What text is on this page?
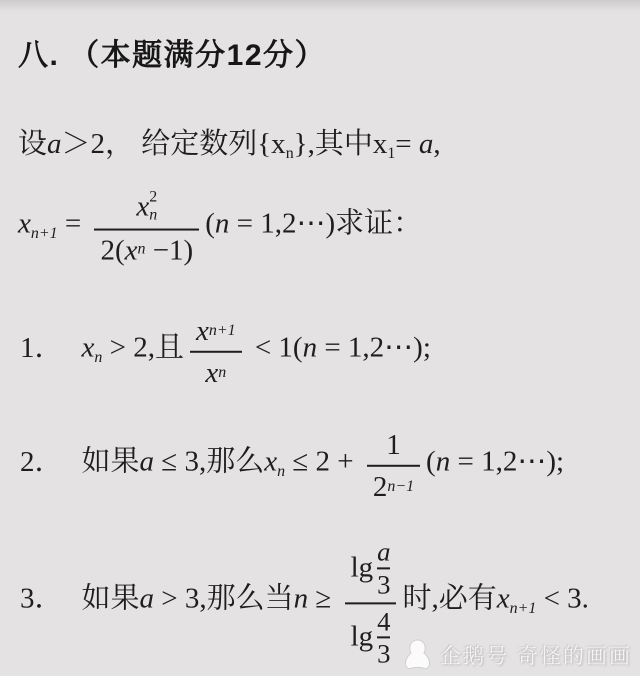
八. （本题满分12分）
设a＞2， 给定数列$\{x_n\}$,其中$x_1= a$,
$x_{n+1} = x$ 2
n
2( x n −1) (n = 1,2⋯)求证：
1． $x_n > 2$,且 $\frac{\text{x n+1}}{\text{x n}} < 1(n$ = 1,2⋯);
2． 如果a ≤ 3,那么$x_n \le 2 + \frac{1}{2 n-1} (n$ = 1,2⋯);
3． 如果a > 3,那么当n ≥ lg a
3
lg 4
3 时,必有$x_{n+1} < 3$.
企鹅号 奇怪的画画
